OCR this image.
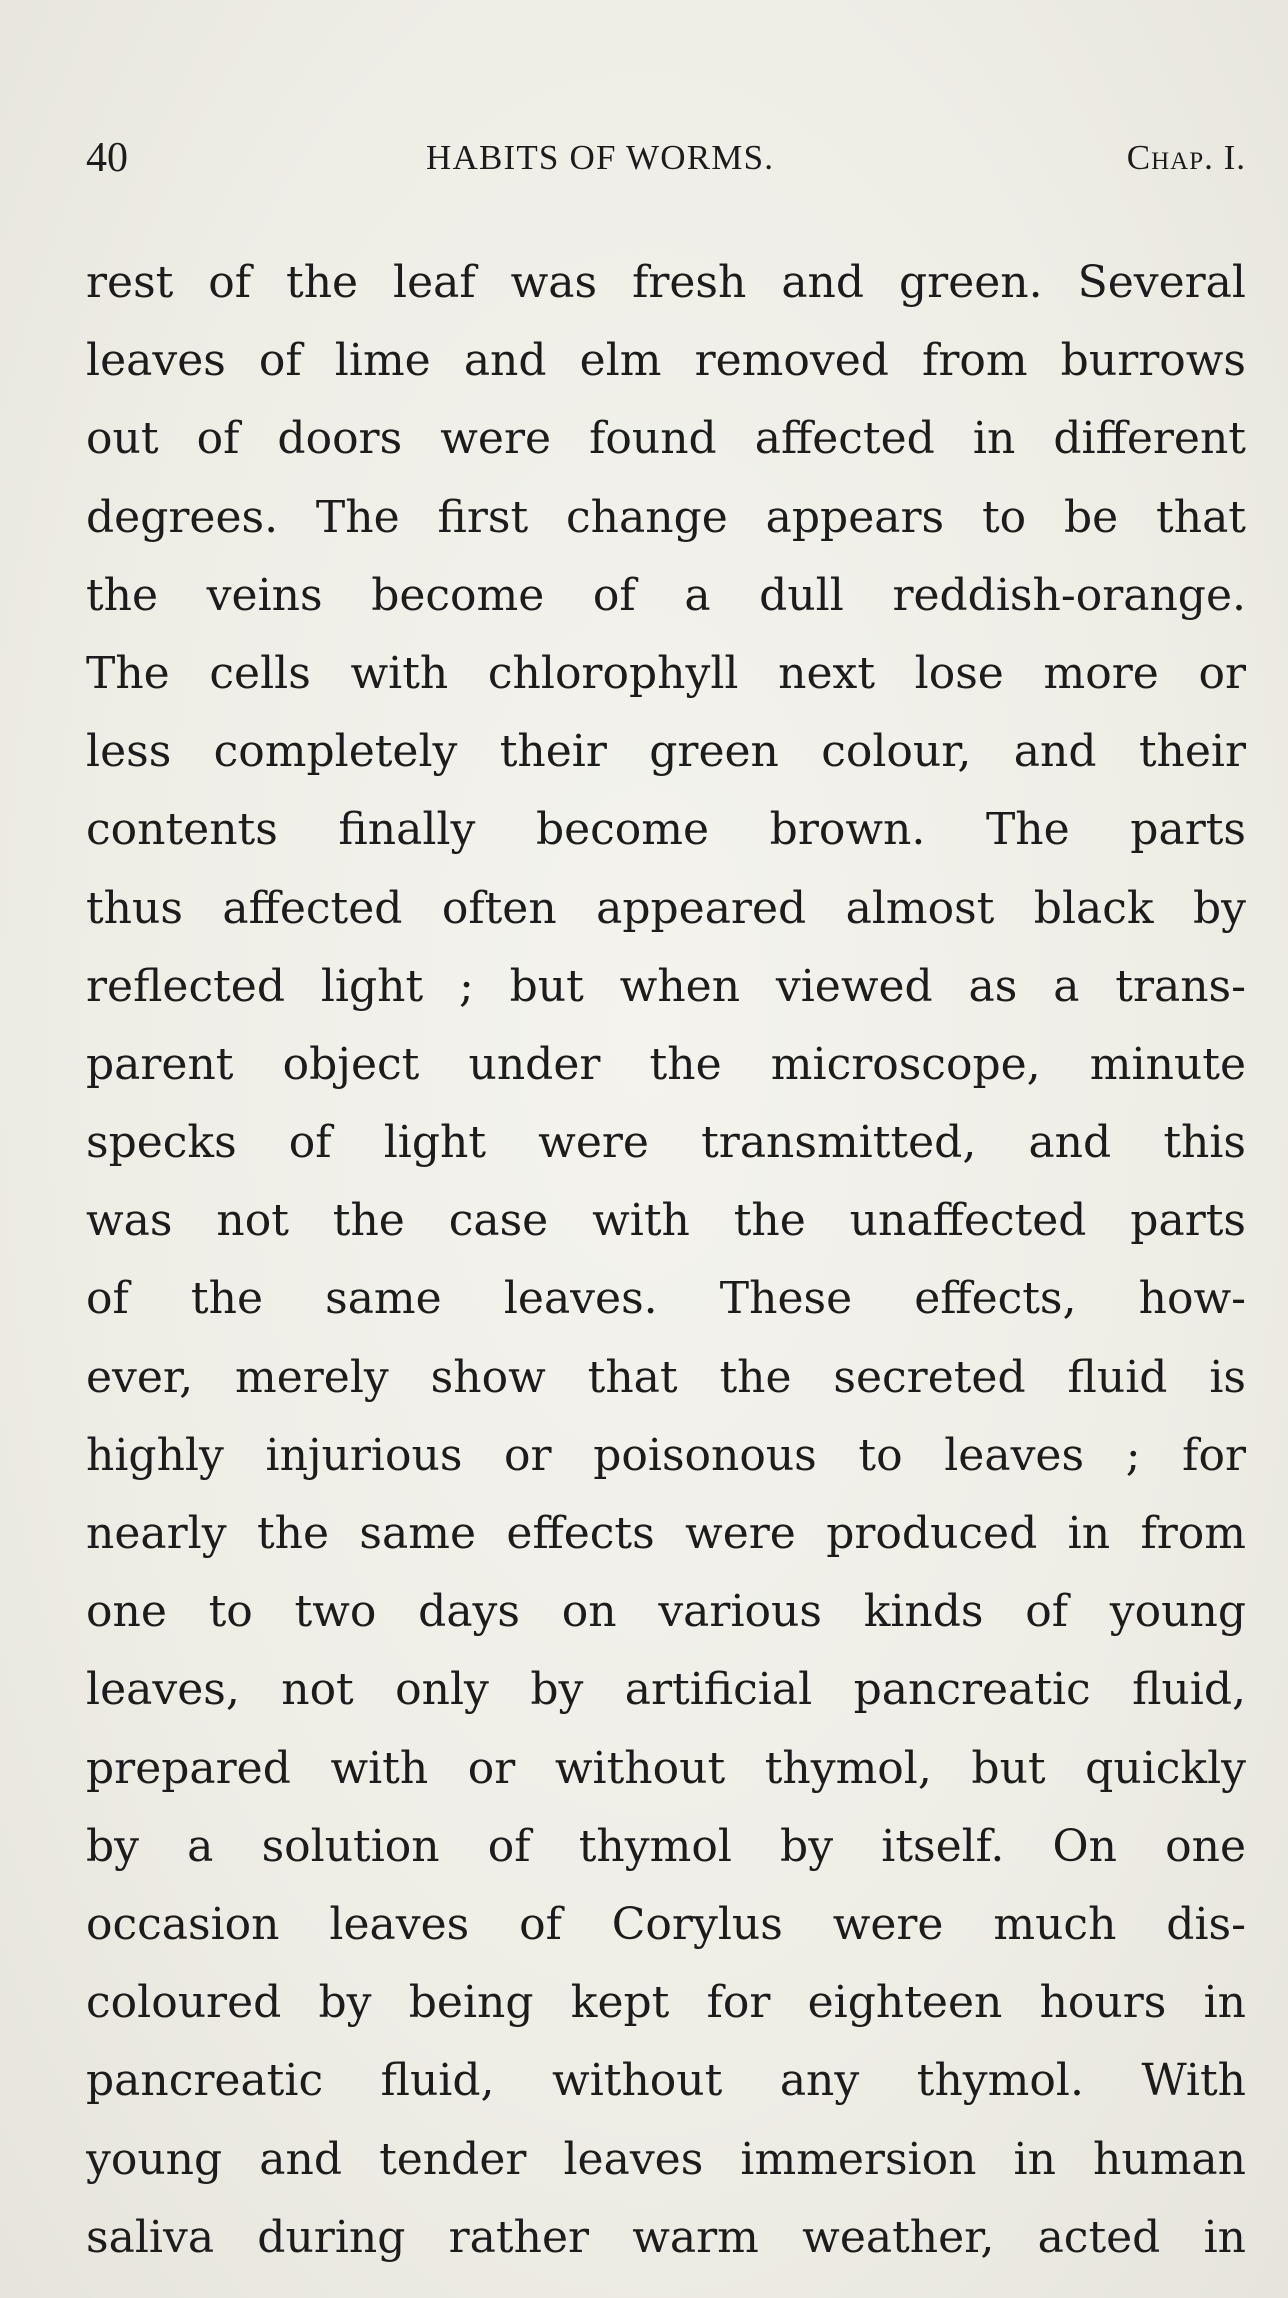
40	HABITS OF WORMS.	Chap. I.
rest of the leaf was fresh and green. Several
leaves of lime and elm removed from burrows
out of doors were found affected in different
degrees. The first change appears to be that
the veins become of a dull reddish-orange.
The cells with chlorophyll next lose more or
less completely their green colour, and their
contents finally become brown. The parts
thus affected often appeared almost black by
reflected light ; but when viewed as a trans-
parent object under the microscope, minute
specks of light were transmitted, and this
was not the case with the unaffected parts
of the same leaves. These effects, how-
ever, merely show that the secreted fluid is
highly injurious or poisonous to leaves ; for
nearly the same effects were produced in from
one to two days on various kinds of young
leaves, not only by artificial pancreatic fluid,
prepared with or without thymol, but quickly
by a solution of thymol by itself. On one
occasion leaves of Corylus were much dis-
coloured by being kept for eighteen hours in
pancreatic fluid, without any thymol. With
young and tender leaves immersion in human
saliva during rather warm weather, acted in
